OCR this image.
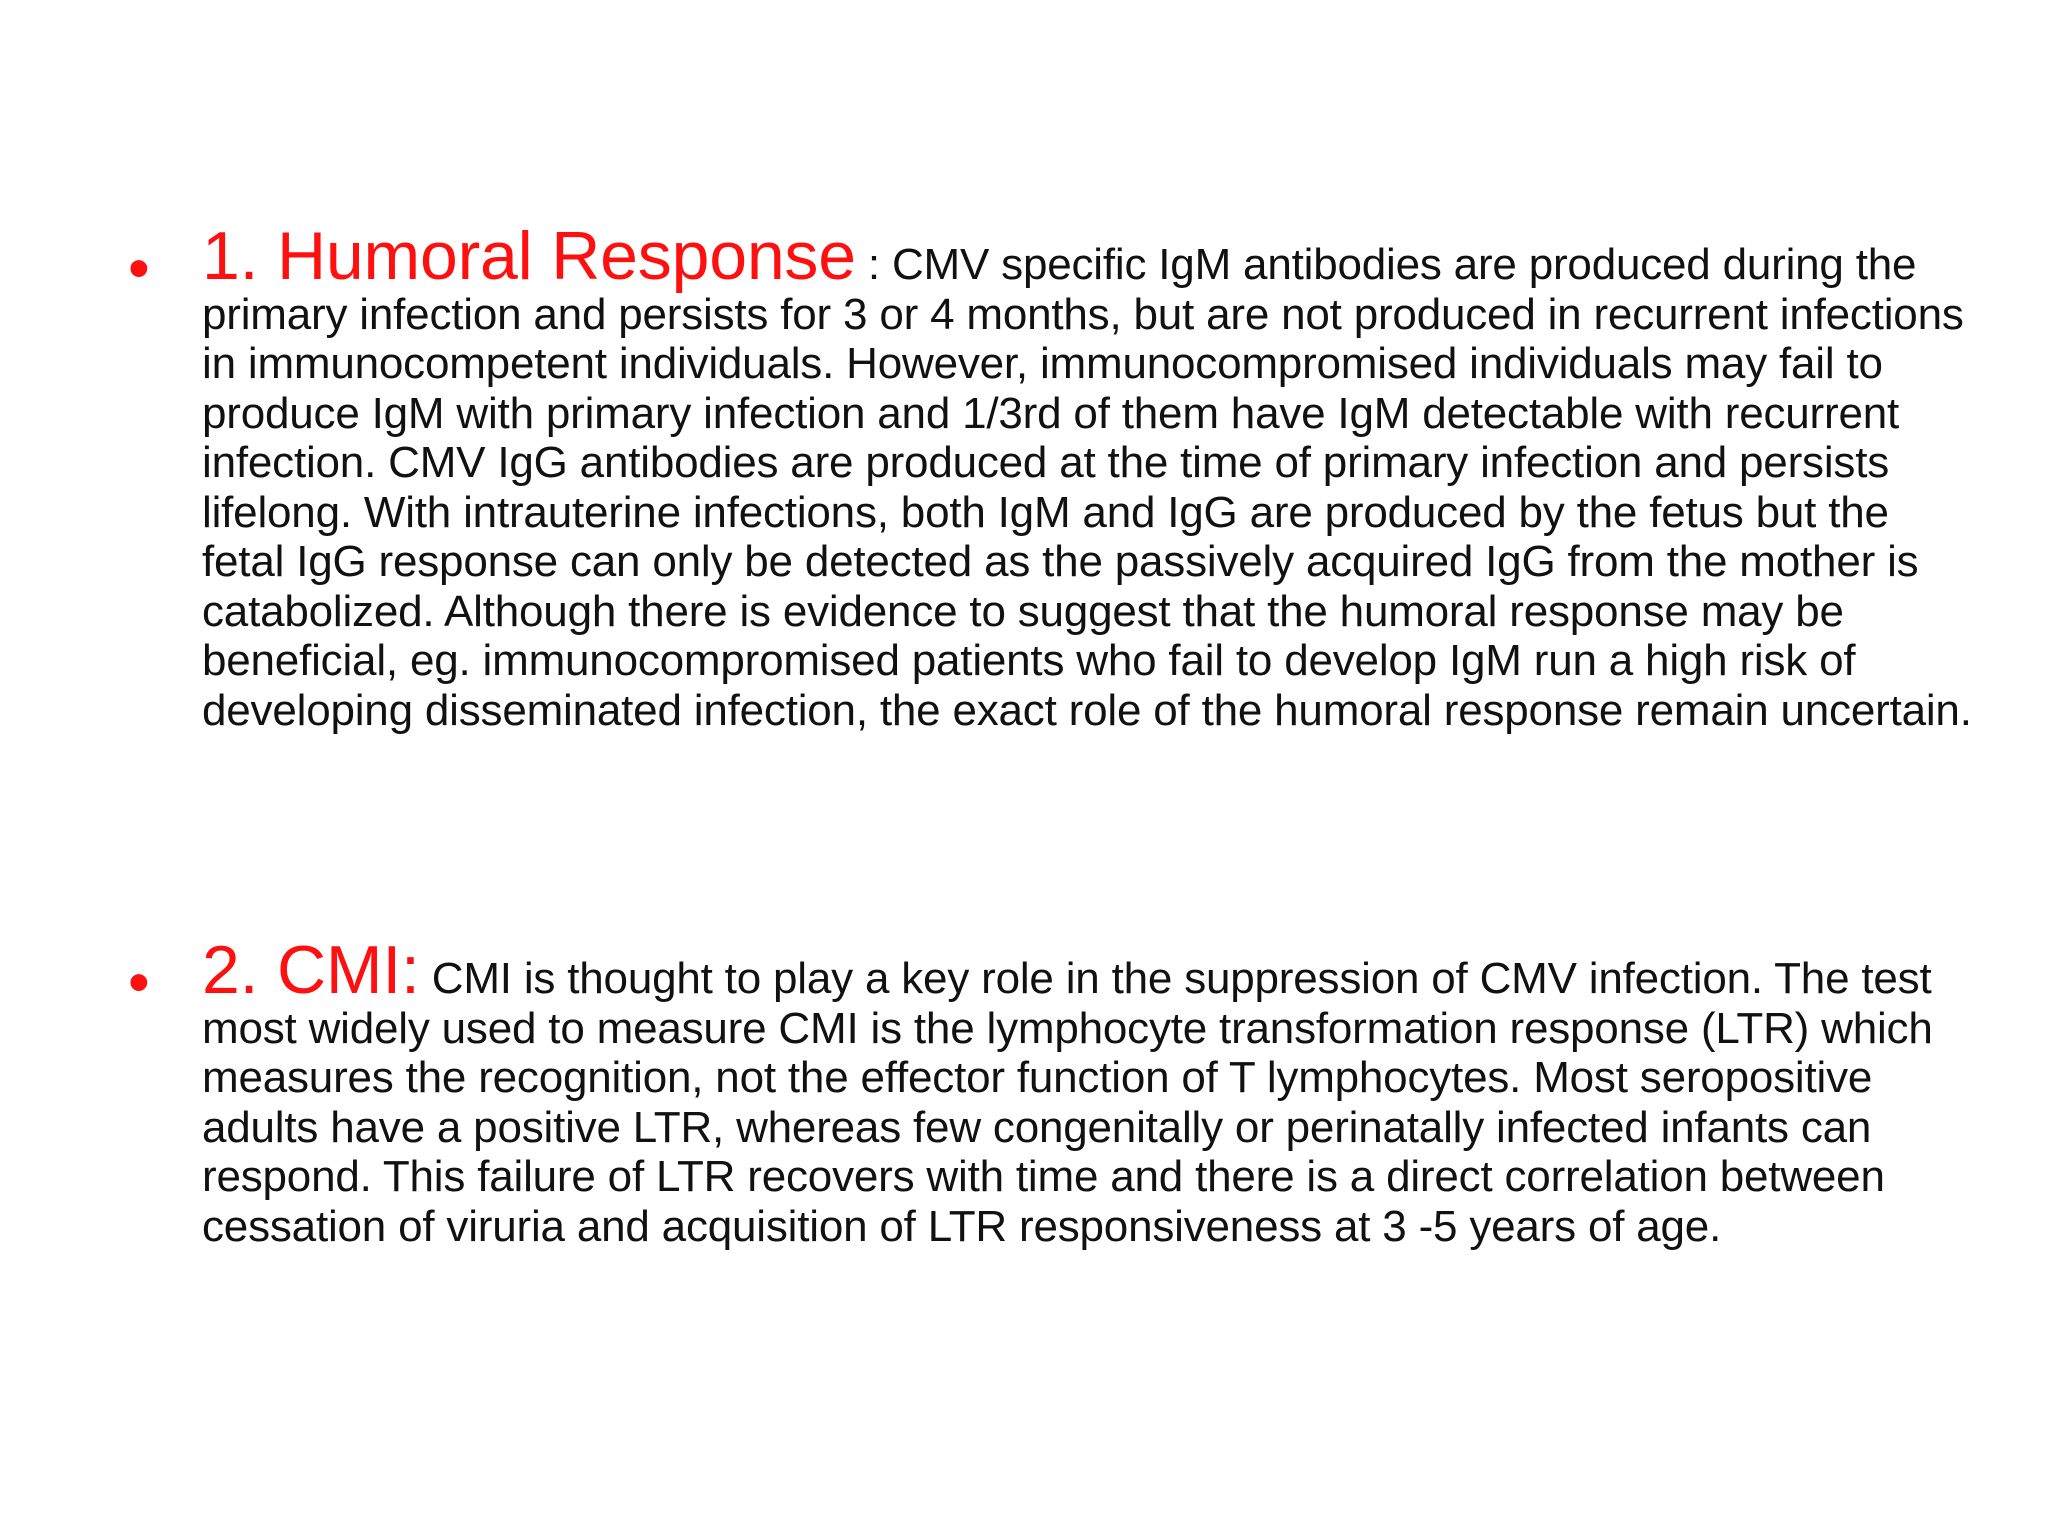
• 1. Humoral Response : CMV specific IgM antibodies are produced during the primary infection and persists for 3 or 4 months, but are not produced in recurrent infections in immunocompetent individuals. However, immunocompromised individuals may fail to produce IgM with primary infection and 1/3rd of them have IgM detectable with recurrent infection. CMV IgG antibodies are produced at the time of primary infection and persists lifelong. With intrauterine infections, both IgM and IgG are produced by the fetus but the fetal IgG response can only be detected as the passively acquired IgG from the mother is catabolized. Although there is evidence to suggest that the humoral response may be beneficial, eg. immunocompromised patients who fail to develop IgM run a high risk of developing disseminated infection, the exact role of the humoral response remain uncertain.
• 2. CMI: CMI is thought to play a key role in the suppression of CMV infection. The test most widely used to measure CMI is the lymphocyte transformation response (LTR) which measures the recognition, not the effector function of T lymphocytes. Most seropositive adults have a positive LTR, whereas few congenitally or perinatally infected infants can respond. This failure of LTR recovers with time and there is a direct correlation between cessation of viruria and acquisition of LTR responsiveness at 3 -5 years of age.
